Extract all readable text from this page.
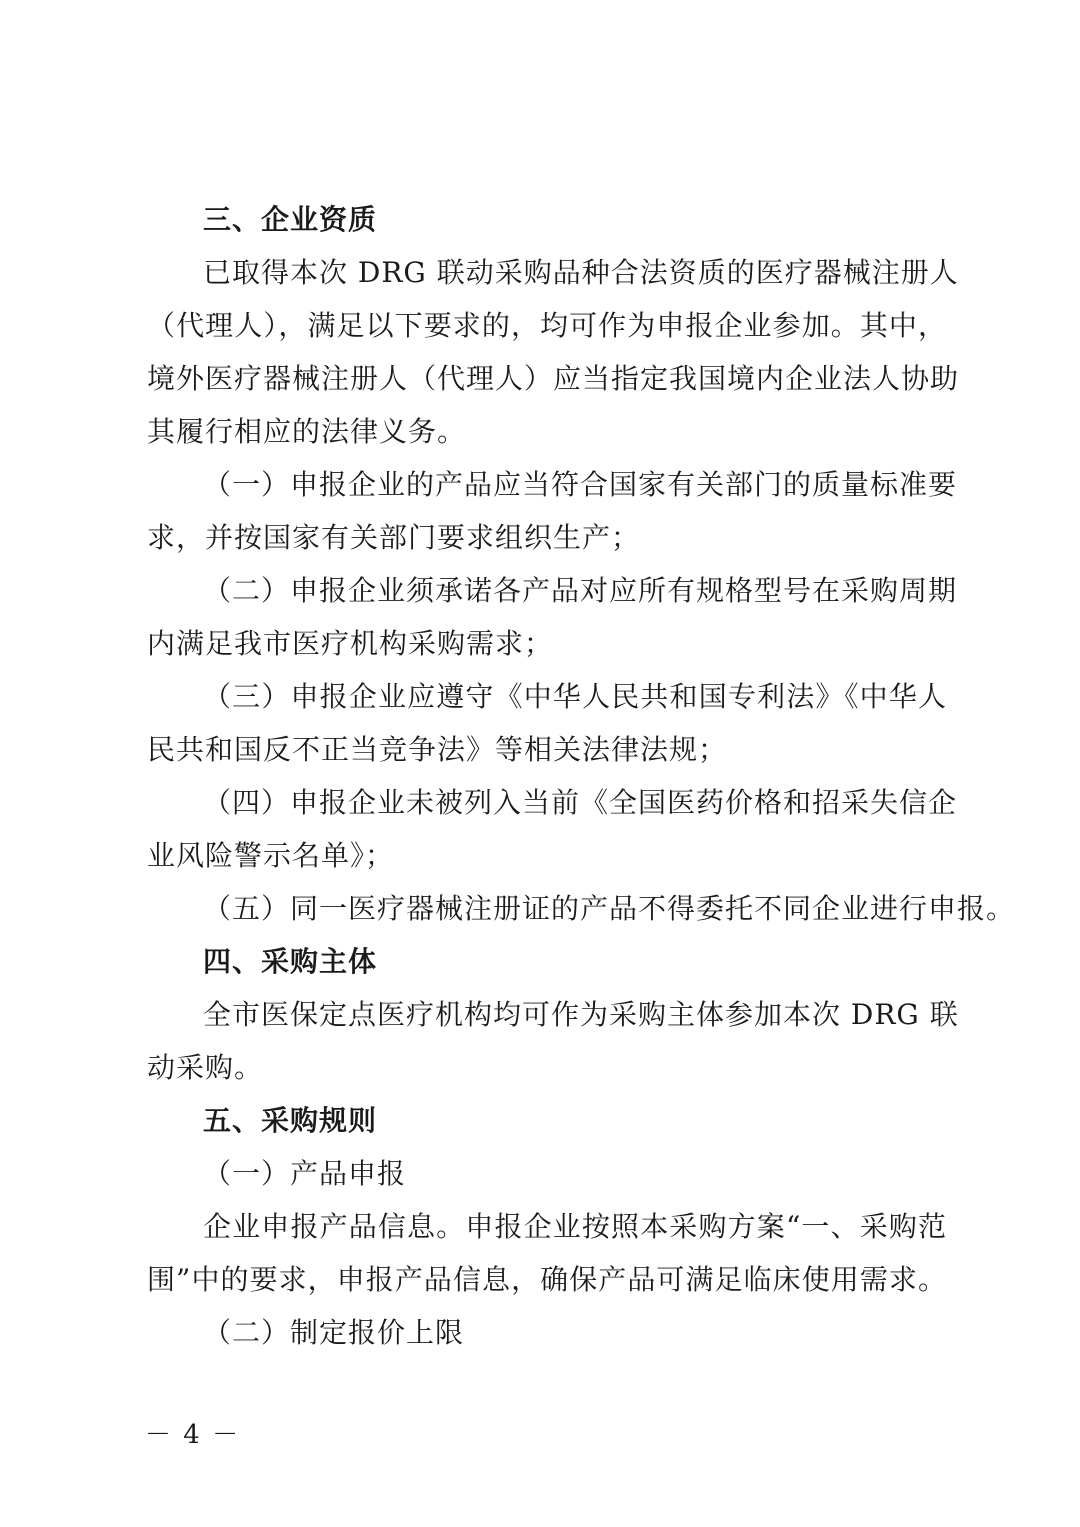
三、企业资质
已取得本次 DRG 联动采购品种合法资质的医疗器械注册人
（代理人），满足以下要求的，均可作为申报企业参加。其中，
境外医疗器械注册人（代理人）应当指定我国境内企业法人协助
其履行相应的法律义务。
（一）申报企业的产品应当符合国家有关部门的质量标准要
求，并按国家有关部门要求组织生产；
（二）申报企业须承诺各产品对应所有规格型号在采购周期
内满足我市医疗机构采购需求；
（三）申报企业应遵守《中华人民共和国专利法》《中华人
民共和国反不正当竞争法》等相关法律法规；
（四）申报企业未被列入当前《全国医药价格和招采失信企
业风险警示名单》；
（五）同一医疗器械注册证的产品不得委托不同企业进行申报。
四、采购主体
全市医保定点医疗机构均可作为采购主体参加本次 DRG 联
动采购。
五、采购规则
（一）产品申报
企业申报产品信息。申报企业按照本采购方案“一、采购范
围”中的要求，申报产品信息，确保产品可满足临床使用需求。
（二）制定报价上限
－ 4 －
